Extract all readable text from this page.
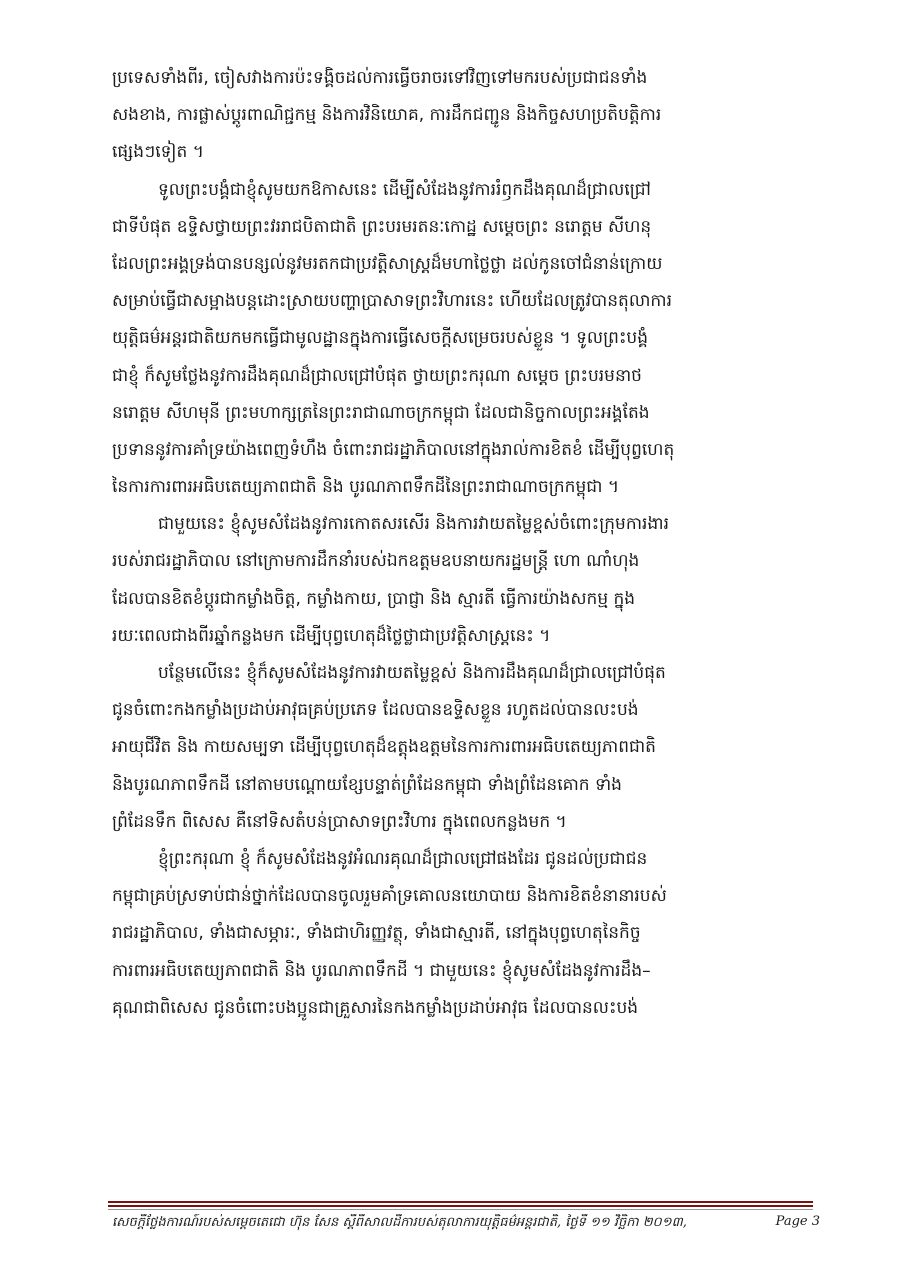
ប្រទេសទាំងពីរ, ចៀសវាងការប៉ះទង្គិចដល់ការធ្វើចរាចរទៅវិញទៅមករបស់ប្រជាជនទាំង
សងខាង, ការផ្លាស់ប្តូរពាណិជ្ជកម្ម និងការវិនិយោគ, ការដឹកជញ្ជូន និងកិច្ចសហប្រតិបត្តិការ
ផ្សេងៗទៀត ។
ទូលព្រះបង្គំជាខ្ញុំសូមយកឱកាសនេះ ដើម្បីសំដែងនូវការរំឭកដឹងគុណដ៏ជ្រាលជ្រៅ
ជាទីបំផុត ឧទ្ទិសថ្វាយព្រះវររាជបិតាជាតិ ព្រះបរមរតនៈកោដ្ឋ សម្តេចព្រះ នរោត្តម សីហនុ
ដែលព្រះអង្គទ្រង់បានបន្សល់នូវមរតកជាប្រវត្តិសាស្រ្តដ៏មហាថ្លៃថ្លា ដល់កូនចៅជំនាន់ក្រោយ
សម្រាប់ធ្វើជាសម្អាងបន្តដោះស្រាយបញ្ហាប្រាសាទព្រះវិហារនេះ ហើយដែលត្រូវបានតុលាការ
យុត្តិធម៌អន្តរជាតិយកមកធ្វើជាមូលដ្ឋានក្នុងការធ្វើសេចក្តីសម្រេចរបស់ខ្លួន ។ ទូលព្រះបង្គំ
ជាខ្ញុំ ក៏សូមថ្លែងនូវការដឹងគុណដ៏ជ្រាលជ្រៅបំផុត ថ្វាយព្រះករុណា សម្តេច ព្រះបរមនាថ
នរោត្តម សីហមុនី ព្រះមហាក្សត្រនៃព្រះរាជាណាចក្រកម្ពុជា ដែលជានិច្ចកាលព្រះអង្គតែង
ប្រទាននូវការគាំទ្រយ៉ាងពេញទំហឹង ចំពោះរាជរដ្ឋាភិបាលនៅក្នុងរាល់ការខិតខំ ដើម្បីបុព្វហេតុ
នៃការការពារអធិបតេយ្យភាពជាតិ និង បូរណភាពទឹកដីនៃព្រះរាជាណាចក្រកម្ពុជា ។
ជាមួយនេះ ខ្ញុំសូមសំដែងនូវការកោតសរសើរ និងការវាយតម្លៃខ្ពស់ចំពោះក្រុមការងារ
របស់រាជរដ្ឋាភិបាល នៅក្រោមការដឹកនាំរបស់ឯកឧត្តមឧបនាយករដ្ឋមន្រ្តី ហោ ណាំហុង
ដែលបានខិតខំប្តូរជាកម្លាំងចិត្ត, កម្លាំងកាយ, ប្រាជ្ញា និង ស្មារតី ធ្វើការយ៉ាងសកម្ម ក្នុង
រយៈពេលជាងពីរឆ្នាំកន្លងមក ដើម្បីបុព្វហេតុដ៏ថ្លៃថ្លាជាប្រវត្តិសាស្រ្តនេះ ។
បន្ថែមលើនេះ ខ្ញុំក៏សូមសំដែងនូវការវាយតម្លៃខ្ពស់ និងការដឹងគុណដ៏ជ្រាលជ្រៅបំផុត
ជូនចំពោះកងកម្លាំងប្រដាប់អាវុធគ្រប់ប្រភេទ ដែលបានឧទ្ទិសខ្លួន រហូតដល់បានលះបង់
អាយុជីវិត និង កាយសម្បទា ដើម្បីបុព្វហេតុដ៏ឧត្តុងឧត្តមនៃការការពារអធិបតេយ្យភាពជាតិ
និងបូរណភាពទឹកដី នៅតាមបណ្តោយខ្សែបន្ទាត់ព្រំដែនកម្ពុជា ទាំងព្រំដែនគោក ទាំង
ព្រំដែនទឹក ពិសេស គឺនៅទិសតំបន់ប្រាសាទព្រះវិហារ ក្នុងពេលកន្លងមក ។
ខ្ញុំព្រះករុណា ខ្ញុំ ក៏សូមសំដែងនូវអំណរគុណដ៏ជ្រាលជ្រៅផងដែរ ជូនដល់ប្រជាជន
កម្ពុជាគ្រប់ស្រទាប់ជាន់ថ្នាក់ដែលបានចូលរួមគាំទ្រគោលនយោបាយ និងការខិតខំនានារបស់
រាជរដ្ឋាភិបាល, ទាំងជាសម្ភារៈ, ទាំងជាហិរញ្ញវត្ថុ, ទាំងជាស្មារតី, នៅក្នុងបុព្វហេតុនៃកិច្ច
ការពារអធិបតេយ្យភាពជាតិ និង បូរណភាពទឹកដី ។ ជាមួយនេះ ខ្ញុំសូមសំដែងនូវការដឹង–
គុណជាពិសេស ជូនចំពោះបងប្អូនជាគ្រួសារនៃកងកម្លាំងប្រដាប់អាវុធ ដែលបានលះបង់
សេចក្តីថ្លែងការណ៍របស់សម្តេចតេជោ ហ៊ុន សែន ស្តីពីសាលដីការបស់តុលាការយុត្តិធម៌អន្តរជាតិ, ថ្ងៃទី ១១ វិច្ឆិកា ២០១៣,	Page 3
